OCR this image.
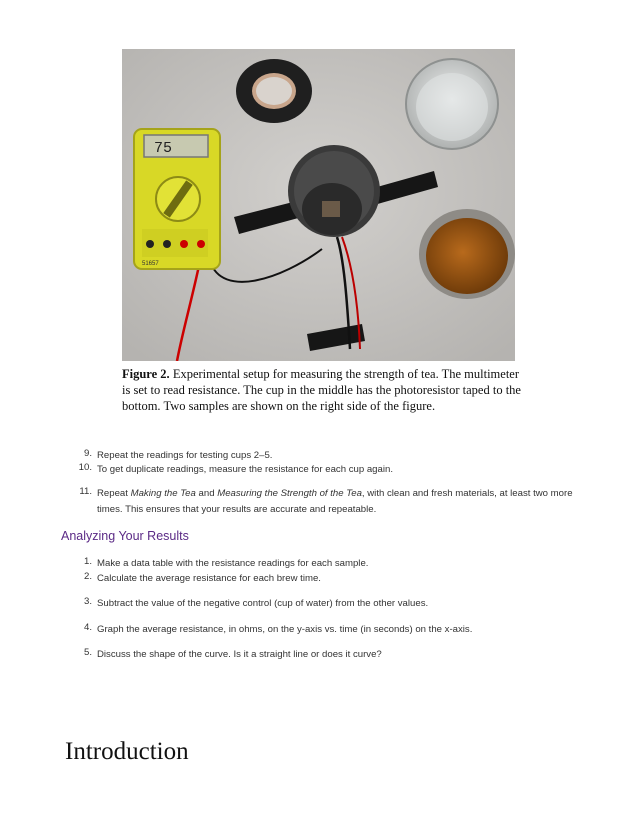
75
51657
Figure 2. Experimental setup for measuring the strength of tea. The multimeter is set to read resistance. The cup in the middle has the photoresistor taped to the bottom. Two samples are shown on the right side of the figure.
9. Repeat the readings for testing cups 2–5.
10. To get duplicate readings, measure the resistance for each cup again.
11. Repeat Making the Tea and Measuring the Strength of the Tea, with clean and fresh materials, at least two more times. This ensures that your results are accurate and repeatable.
Analyzing Your Results
1. Make a data table with the resistance readings for each sample.
2. Calculate the average resistance for each brew time.
3. Subtract the value of the negative control (cup of water) from the other values.
4. Graph the average resistance, in ohms, on the y-axis vs. time (in seconds) on the x-axis.
5. Discuss the shape of the curve. Is it a straight line or does it curve?
Introduction
